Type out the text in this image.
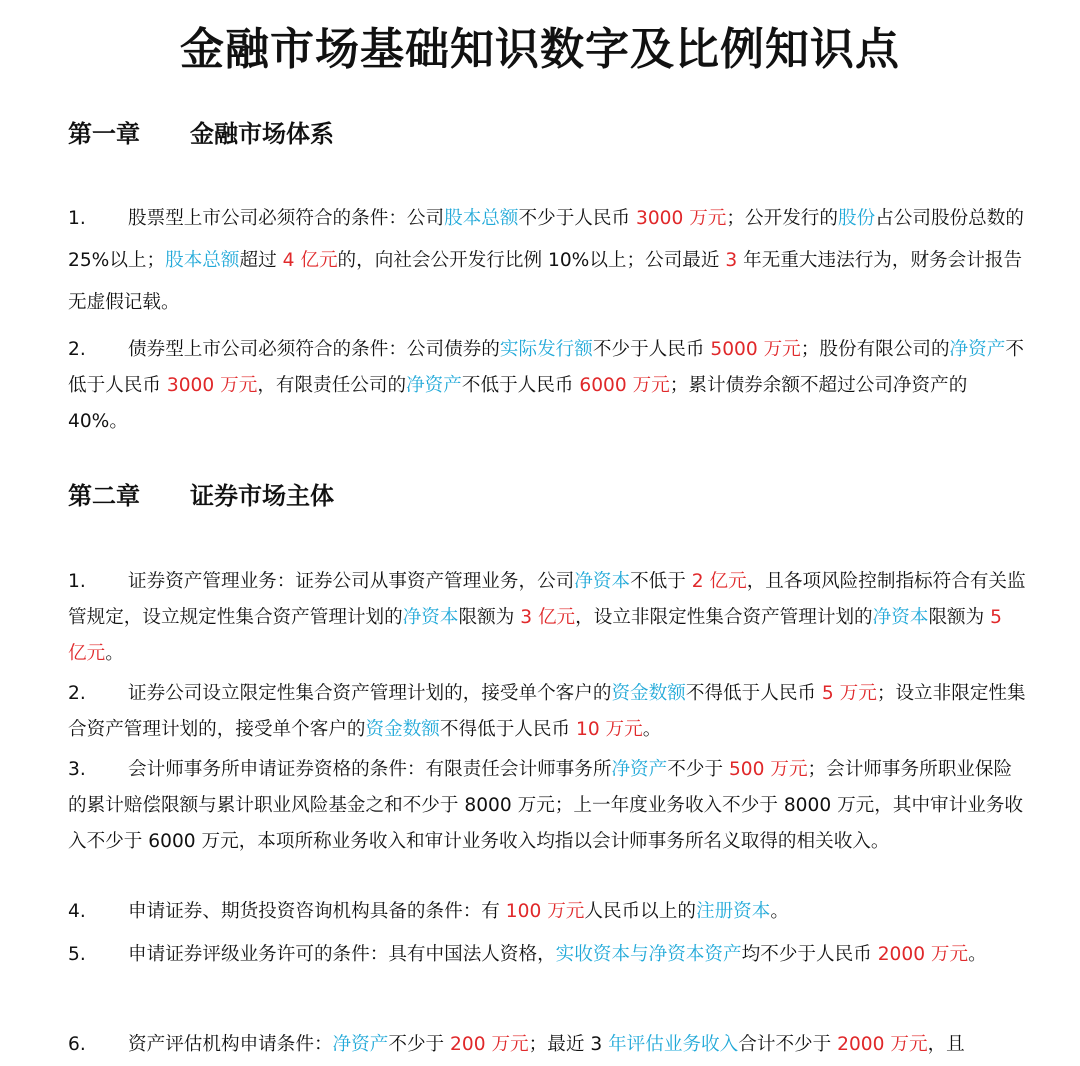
金融市场基础知识数字及比例知识点
第一章 金融市场体系
1. 股票型上市公司必须符合的条件：公司股本总额不少于人民币 3000 万元；公开发行的股份占公司股份总数的 25%以上；股本总额超过 4 亿元的，向社会公开发行比例 10%以上；公司最近 3 年无重大违法行为，财务会计报告无虚假记载。
2. 债券型上市公司必须符合的条件：公司债券的实际发行额不少于人民币 5000 万元；股份有限公司的净资产不低于人民币 3000 万元，有限责任公司的净资产不低于人民币 6000 万元；累计债券余额不超过公司净资产的 40%。
第二章 证券市场主体
1. 证券资产管理业务：证券公司从事资产管理业务，公司净资本不低于 2 亿元，且各项风险控制指标符合有关监管规定，设立规定性集合资产管理计划的净资本限额为 3 亿元，设立非限定性集合资产管理计划的净资本限额为 5 亿元。
2. 证券公司设立限定性集合资产管理计划的，接受单个客户的资金数额不得低于人民币 5 万元；设立非限定性集合资产管理计划的，接受单个客户的资金数额不得低于人民币 10 万元。
3. 会计师事务所申请证券资格的条件：有限责任会计师事务所净资产不少于 500 万元；会计师事务所职业保险的累计赔偿限额与累计职业风险基金之和不少于 8000 万元；上一年度业务收入不少于 8000 万元，其中审计业务收入不少于 6000 万元，本项所称业务收入和审计业务收入均指以会计师事务所名义取得的相关收入。
4. 申请证券、期货投资咨询机构具备的条件：有 100 万元人民币以上的注册资本。
5. 申请证券评级业务许可的条件：具有中国法人资格，实收资本与净资本资产均不少于人民币 2000 万元。
6. 资产评估机构申请条件：净资产不少于 200 万元；最近 3 年评估业务收入合计不少于 2000 万元，且
